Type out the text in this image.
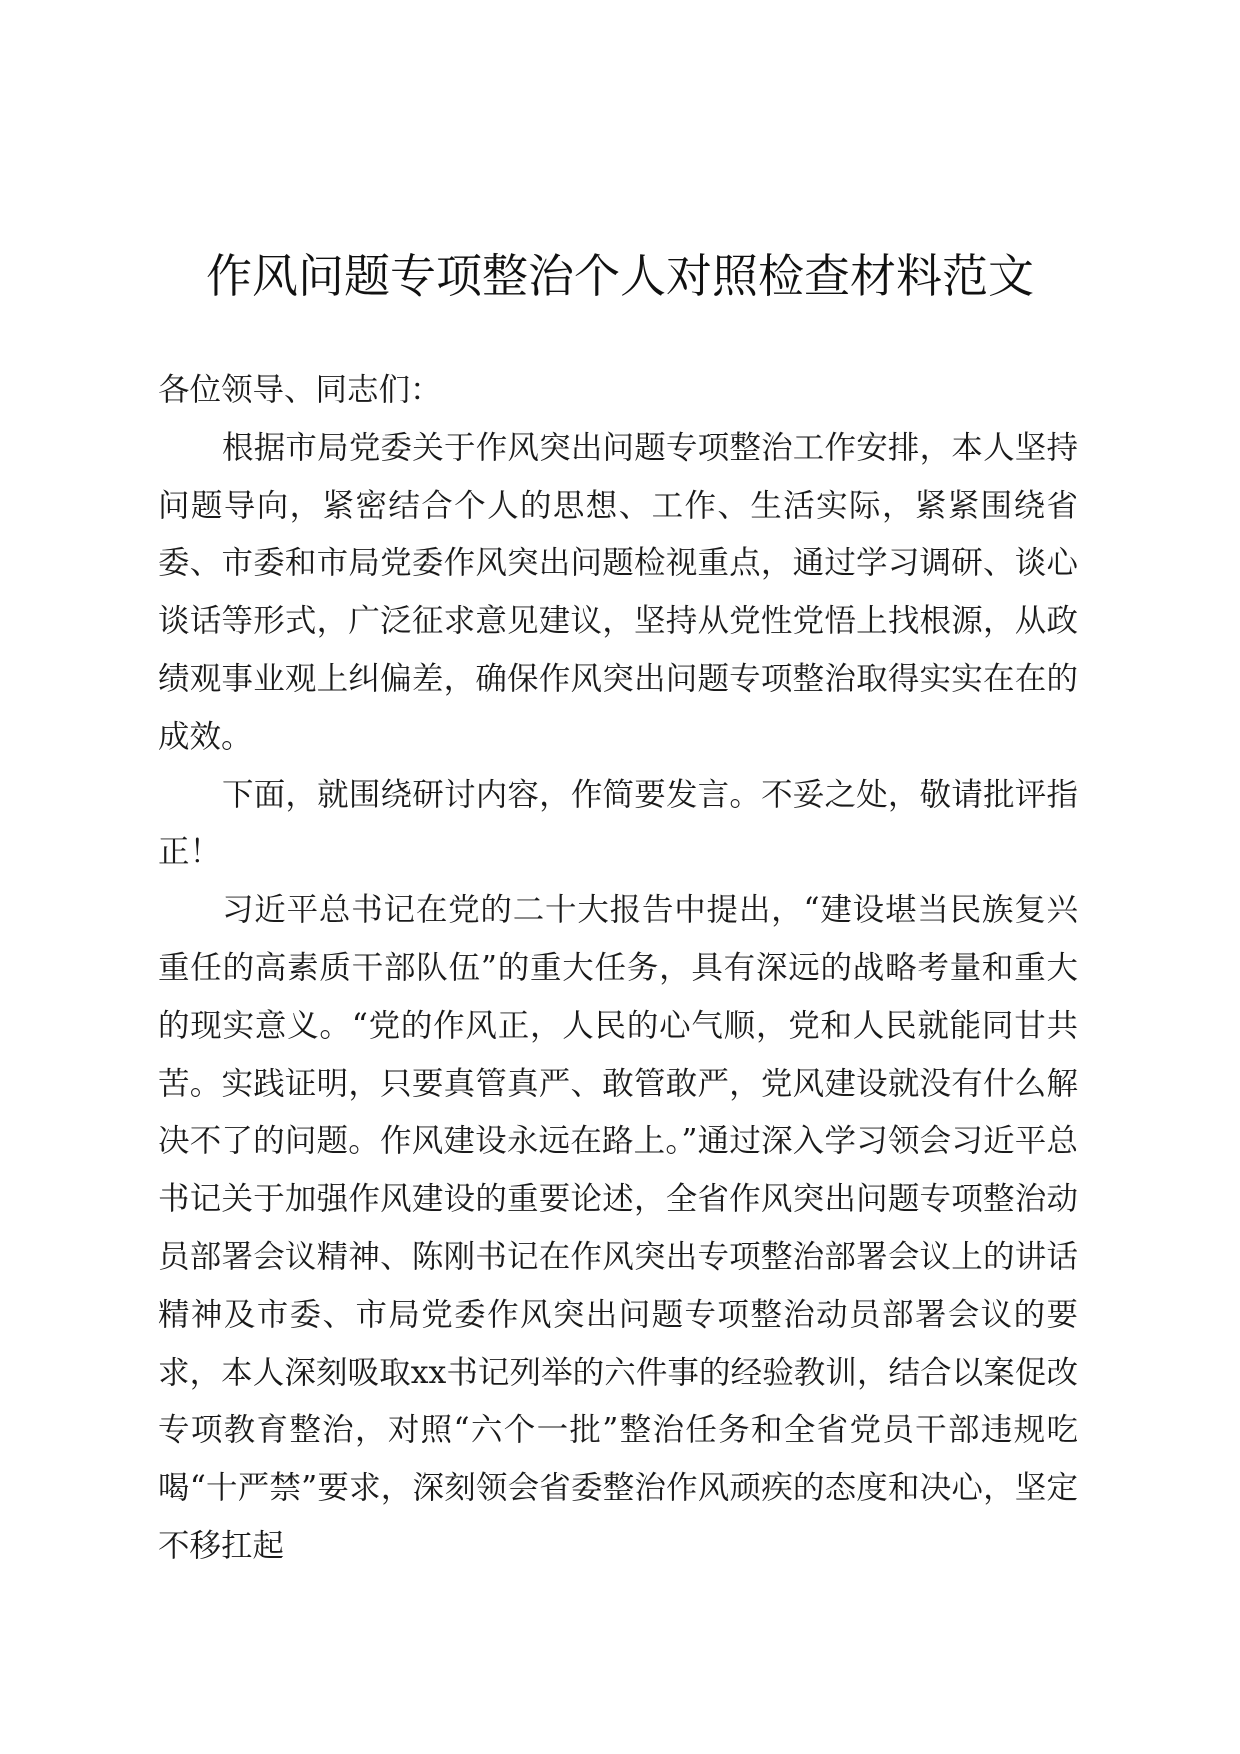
作风问题专项整治个人对照检查材料范文

各位领导、同志们：

根据市局党委关于作风突出问题专项整治工作安排，本人坚持问题导向，紧密结合个人的思想、工作、生活实际，紧紧围绕省委、市委和市局党委作风突出问题检视重点，通过学习调研、谈心谈话等形式，广泛征求意见建议，坚持从党性党悟上找根源，从政绩观事业观上纠偏差，确保作风突出问题专项整治取得实实在在的成效。

下面，就围绕研讨内容，作简要发言。不妥之处，敬请批评指正！

习近平总书记在党的二十大报告中提出，“建设堪当民族复兴重任的高素质干部队伍”的重大任务，具有深远的战略考量和重大的现实意义。“党的作风正，人民的心气顺，党和人民就能同甘共苦。实践证明，只要真管真严、敢管敢严，党风建设就没有什么解决不了的问题。作风建设永远在路上。”通过深入学习领会习近平总书记关于加强作风建设的重要论述，全省作风突出问题专项整治动员部署会议精神、陈刚书记在作风突出专项整治部署会议上的讲话精神及市委、市局党委作风突出问题专项整治动员部署会议的要求，本人深刻吸取xx书记列举的六件事的经验教训，结合以案促改专项教育整治，对照“六个一批”整治任务和全省党员干部违规吃喝“十严禁”要求，深刻领会省委整治作风顽疾的态度和决心，坚定不移扛起
